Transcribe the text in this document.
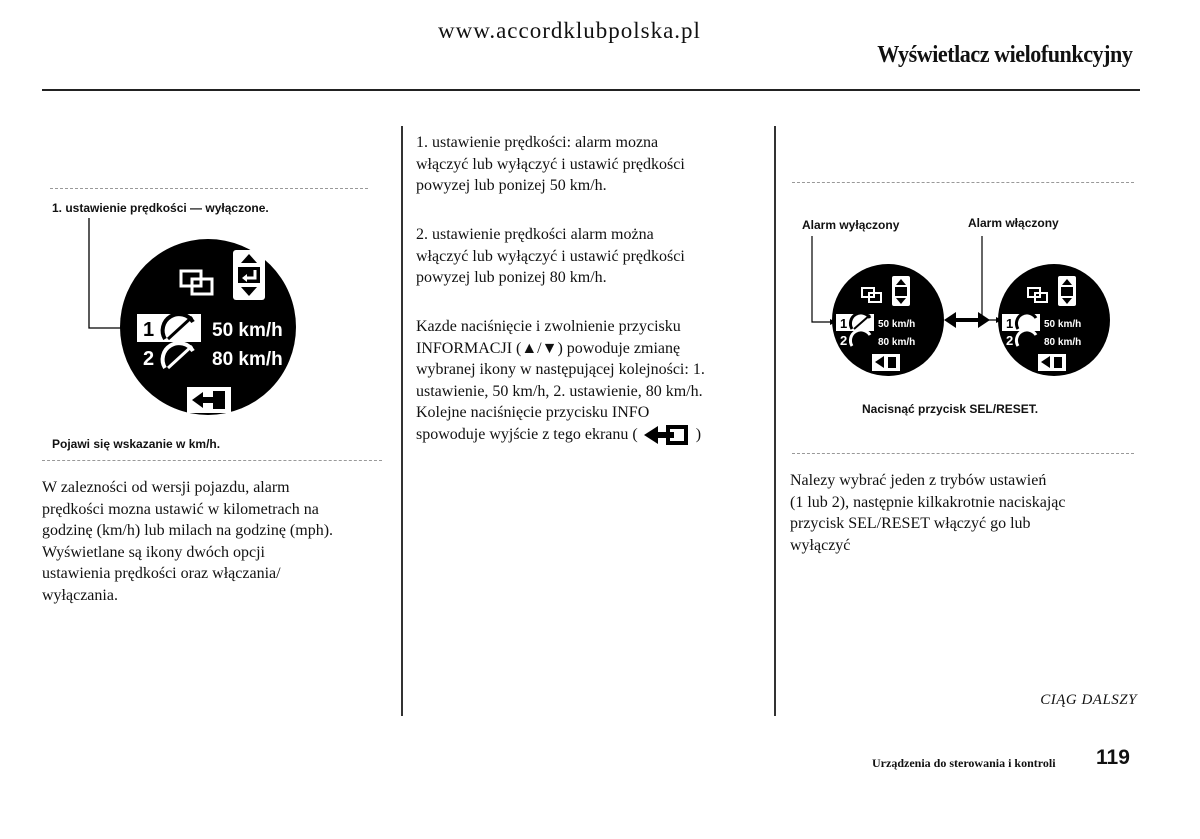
www.accordklubpolska.pl
Wyświetlacz wielofunkcyjny
1. ustawienie prędkości — wyłączone.
1	50 km/h
2	80 km/h
Pojawi się wskazanie w km/h.
W zalezności od wersji pojazdu, alarm
prędkości mozna ustawić w kilometrach na
godzinę (km/h) lub milach na godzinę (mph).
Wyświetlane są ikony dwóch opcji
ustawienia prędkości oraz włączania/
wyłączania.
1. ustawienie prędkości: alarm mozna
włączyć lub wyłączyć i ustawić prędkości
powyzej lub ponizej 50 km/h.
2. ustawienie prędkości alarm można
włączyć lub wyłączyć i ustawić prędkości
powyzej lub ponizej 80 km/h.
Kazde naciśnięcie i zwolnienie przycisku
INFORMACJI (▲/▼) powoduje zmianę
wybranej ikony w następującej kolejności: 1.
ustawienie, 50 km/h, 2. ustawienie, 80 km/h.
Kolejne naciśnięcie przycisku INFO
spowoduje wyjście z tego ekranu (	)
Alarm wyłączony	Alarm włączony
1	50 km/h
2	80 km/h
1	50 km/h
2	80 km/h
Nacisnąć przycisk SEL/RESET.
Nalezy wybrać jeden z trybów ustawień
(1 lub 2), następnie kilkakrotnie naciskając
przycisk SEL/RESET włączyć go lub
wyłączyć
CIĄG DALSZY
Urządzenia do sterowania i kontroli 119
